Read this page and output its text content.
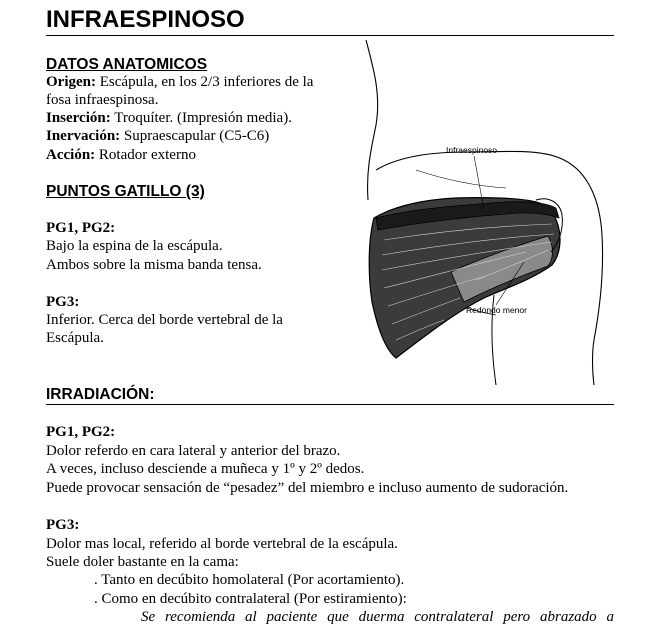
INFRAESPINOSO
DATOS ANATOMICOS
Origen: Escápula, en los 2/3 inferiores de la
fosa infraespinosa.
Inserción: Troquíter. (Impresión media).
Inervación: Supraescapular (C5-C6)
Acción: Rotador externo
PUNTOS GATILLO (3)
PG1, PG2:
Bajo la espina de la escápula.
Ambos sobre la misma banda tensa.
PG3:
Inferior. Cerca del borde vertebral de la
Escápula.
IRRADIACIÓN:
PG1, PG2:
Dolor referdo en cara lateral y anterior del brazo.
A veces, incluso desciende a muñeca y 1º y 2º dedos.
Puede provocar sensación de “pesadez” del miembro e incluso aumento de sudoración.
PG3:
Dolor mas local, referido al borde vertebral de la escápula.
Suele doler bastante en la cama:
. Tanto en decúbito homolateral (Por acortamiento).
. Como en decúbito contralateral (Por estiramiento):
Se recomienda al paciente que duerma contralateral pero abrazado a
Infraespinoso
Redondo menor
